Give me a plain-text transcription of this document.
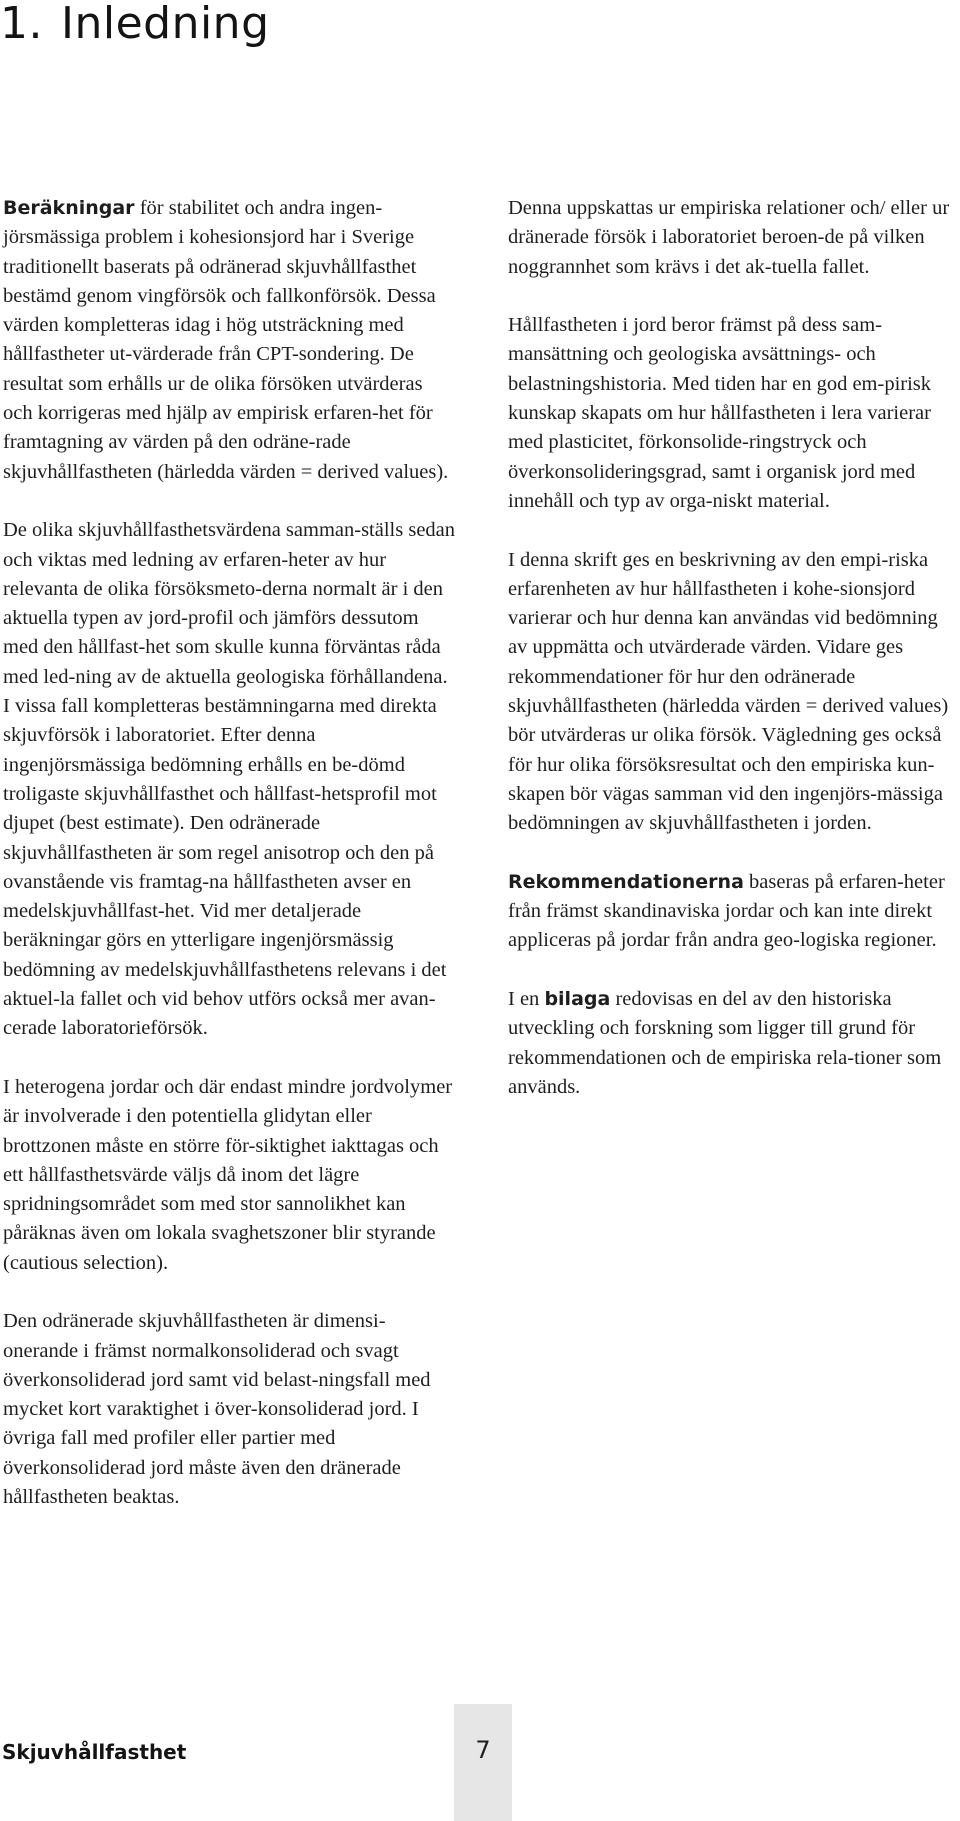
1. Inledning

Beräkningar för stabilitet och andra ingen-jörsmässiga problem i kohesionsjord har i Sverige traditionellt baserats på odränerad skjuvhållfasthet bestämd genom vingförsök och fallkonförsök. Dessa värden kompletteras idag i hög utsträckning med hållfastheter ut-värderade från CPT-sondering. De resultat som erhålls ur de olika försöken utvärderas och korrigeras med hjälp av empirisk erfaren-het för framtagning av värden på den odräne-rade skjuvhållfastheten (härledda värden = derived values).

De olika skjuvhållfasthetsvärdena samman-ställs sedan och viktas med ledning av erfaren-heter av hur relevanta de olika försöksmeto-derna normalt är i den aktuella typen av jord-profil och jämförs dessutom med den hållfast-het som skulle kunna förväntas råda med led-ning av de aktuella geologiska förhållandena. I vissa fall kompletteras bestämningarna med direkta skjuvförsök i laboratoriet. Efter denna ingenjörsmässiga bedömning erhålls en be-dömd troligaste skjuvhållfasthet och hållfast-hetsprofil mot djupet (best estimate). Den odränerade skjuvhållfastheten är som regel anisotrop och den på ovanstående vis framtag-na hållfastheten avser en medelskjuvhållfast-het. Vid mer detaljerade beräkningar görs en ytterligare ingenjörsmässig bedömning av medelskjuvhållfasthetens relevans i det aktuel-la fallet och vid behov utförs också mer avan-cerade laboratorieförsök.

I heterogena jordar och där endast mindre jordvolymer är involverade i den potentiella glidytan eller brottzonen måste en större för-siktighet iakttagas och ett hållfasthetsvärde väljs då inom det lägre spridningsområdet som med stor sannolikhet kan påräknas även om lokala svaghetszoner blir styrande (cautious selection).

Den odränerade skjuvhållfastheten är dimensi-onerande i främst normalkonsoliderad och svagt överkonsoliderad jord samt vid belast-ningsfall med mycket kort varaktighet i över-konsoliderad jord. I övriga fall med profiler eller partier med överkonsoliderad jord måste även den dränerade hållfastheten beaktas.

Denna uppskattas ur empiriska relationer och/ eller ur dränerade försök i laboratoriet beroen-de på vilken noggrannhet som krävs i det ak-tuella fallet.

Hållfastheten i jord beror främst på dess sam-mansättning och geologiska avsättnings- och belastningshistoria. Med tiden har en god em-pirisk kunskap skapats om hur hållfastheten i lera varierar med plasticitet, förkonsolide-ringstryck och överkonsolideringsgrad, samt i organisk jord med innehåll och typ av orga-niskt material.

I denna skrift ges en beskrivning av den empi-riska erfarenheten av hur hållfastheten i kohe-sionsjord varierar och hur denna kan användas vid bedömning av uppmätta och utvärderade värden. Vidare ges rekommendationer för hur den odränerade skjuvhållfastheten (härledda värden = derived values) bör utvärderas ur olika försök. Vägledning ges också för hur olika försöksresultat och den empiriska kun-skapen bör vägas samman vid den ingenjörs-mässiga bedömningen av skjuvhållfastheten i jorden.

Rekommendationerna baseras på erfaren-heter från främst skandinaviska jordar och kan inte direkt appliceras på jordar från andra geo-logiska regioner.

I en bilaga redovisas en del av den historiska utveckling och forskning som ligger till grund för rekommendationen och de empiriska rela-tioner som används.

Skjuvhållfasthet	7
